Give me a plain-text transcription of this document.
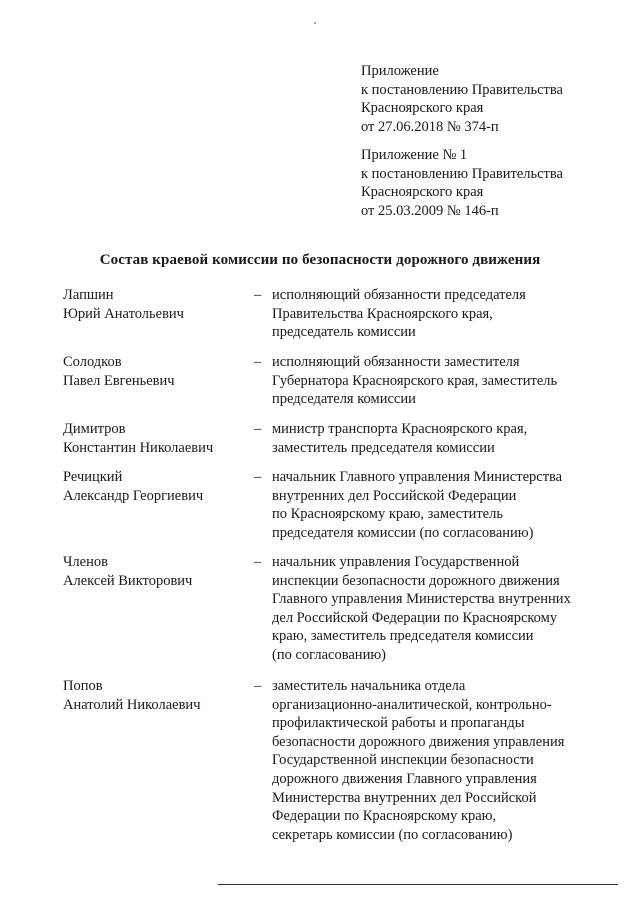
Приложение
к постановлению Правительства
Красноярского края
от 27.06.2018 № 374-п
Приложение № 1
к постановлению Правительства
Красноярского края
от 25.03.2009 № 146-п
Состав краевой комиссии по безопасности дорожного движения
Лапшин
Юрий Анатольевич
– исполняющий обязанности председателя
Правительства Красноярского края,
председатель комиссии
Солодков
Павел Евгеньевич
– исполняющий обязанности заместителя
Губернатора Красноярского края, заместитель
председателя комиссии
Димитров
Константин Николаевич
– министр транспорта Красноярского края,
заместитель председателя комиссии
Речицкий
Александр Георгиевич
– начальник Главного управления Министерства
внутренних дел Российской Федерации
по Красноярскому краю, заместитель
председателя комиссии (по согласованию)
Членов
Алексей Викторович
– начальник управления Государственной
инспекции безопасности дорожного движения
Главного управления Министерства внутренних
дел Российской Федерации по Красноярскому
краю, заместитель председателя комиссии
(по согласованию)
Попов
Анатолий Николаевич
– заместитель начальника отдела
организационно-аналитической, контрольно-
профилактической работы и пропаганды
безопасности дорожного движения управления
Государственной инспекции безопасности
дорожного движения Главного управления
Министерства внутренних дел Российской
Федерации по Красноярскому краю,
секретарь комиссии (по согласованию)
